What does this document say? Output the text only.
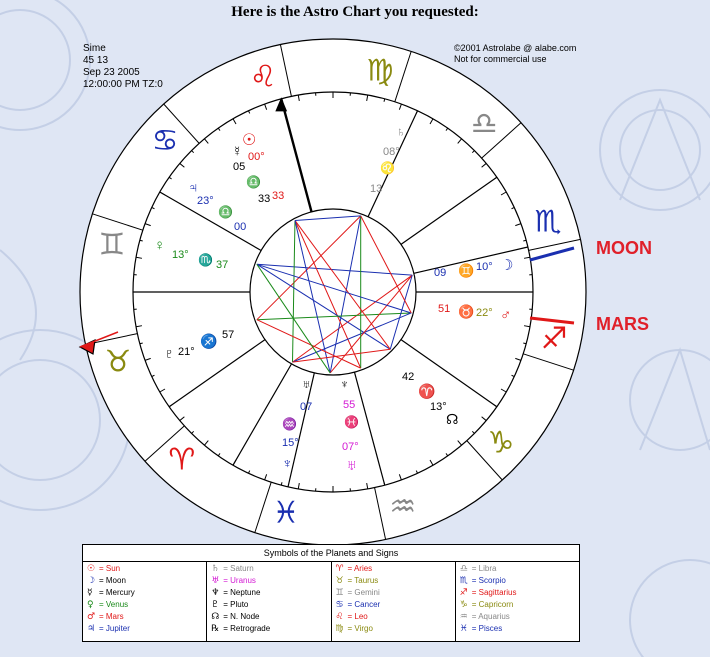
Here is the Astro Chart you requested:
Sime
45 13
Sep 23 2005
12:00:00 PM TZ:0
©2001 Astrolabe @ alabe.com
Not for commercial use
♍
♌
♋
♊
♉
♈
♓	♒
♑
♐
♏
♎
☉
☿ 00°
05
♎
33 33
♃
23°
♎
00
♀
13° ♏ 37
♇ 21°
♐ 57
♄
08°
♌
13
09 ♊ 10° ☽
51 ♉ 22° ♂
42
♈
13°
☊
07
15°
♆
55
07°
♅
♅ ♆
♓
♒
MOON
MARS
Symbols of the Planets and Signs
☉ = Sun
☽ = Moon
☿ = Mercury
♀ = Venus
♂ = Mars
♃ = Jupiter
♄ = Saturn
♅ = Uranus
♆ = Neptune
♇ = Pluto
☊ = N. Node
℞ = Retrograde
♈ = Aries
♉ = Taurus
♊ = Gemini
♋ = Cancer
♌ = Leo
♍ = Virgo
♎ = Libra
♏ = Scorpio
♐ = Sagittarius
♑ = Capricorn
♒ = Aquarius
♓ = Pisces
